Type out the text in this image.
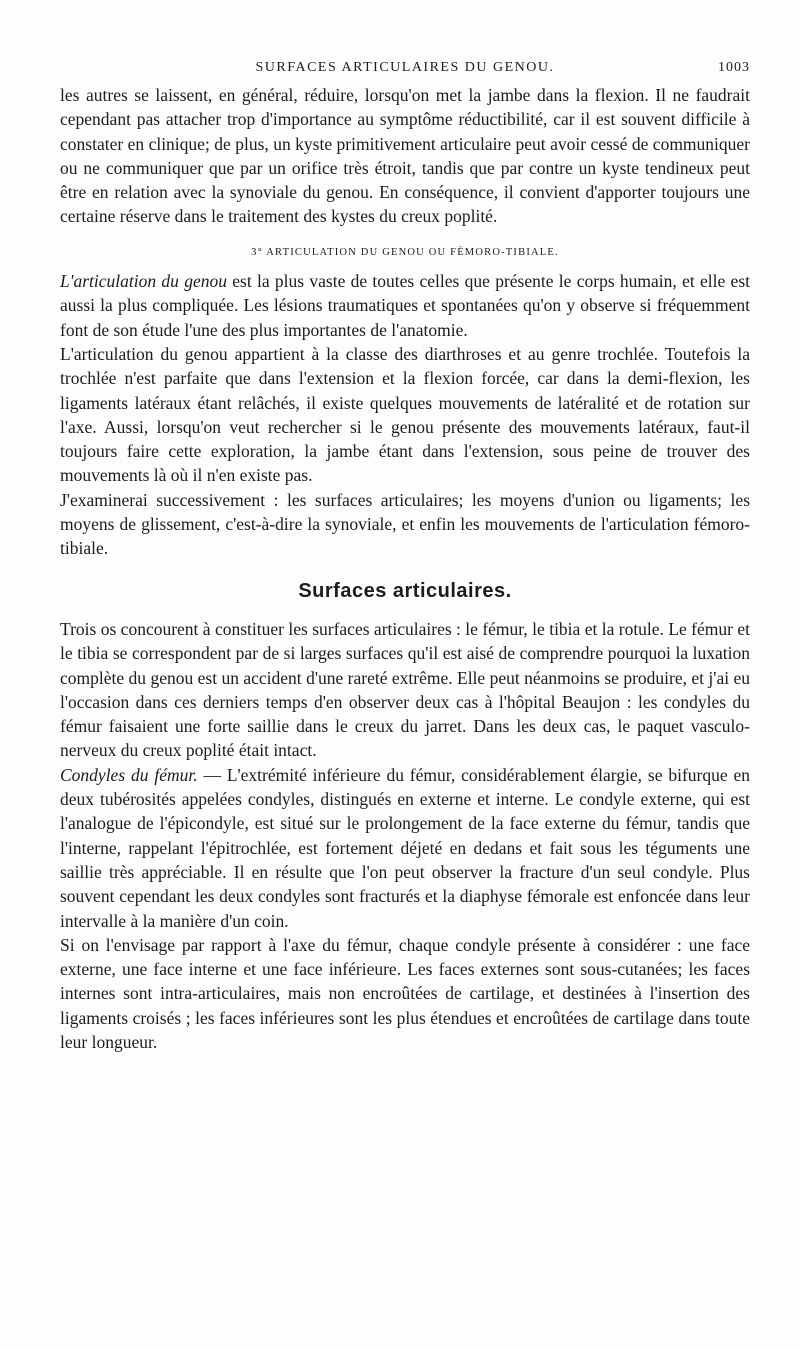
SURFACES ARTICULAIRES DU GENOU.	1003

les autres se laissent, en général, réduire, lorsqu'on met la jambe dans la flexion. Il ne faudrait cependant pas attacher trop d'importance au symptôme réductibilité, car il est souvent difficile à constater en clinique; de plus, un kyste primitivement articulaire peut avoir cessé de communiquer ou ne communiquer que par un orifice très étroit, tandis que par contre un kyste tendineux peut être en relation avec la synoviale du genou. En conséquence, il convient d'apporter toujours une certaine réserve dans le traitement des kystes du creux poplité.

3° ARTICULATION DU GENOU OU FÉMORO-TIBIALE.

L'articulation du genou est la plus vaste de toutes celles que présente le corps humain, et elle est aussi la plus compliquée. Les lésions traumatiques et spontanées qu'on y observe si fréquemment font de son étude l'une des plus importantes de l'anatomie.

L'articulation du genou appartient à la classe des diarthroses et au genre trochlée. Toutefois la trochlée n'est parfaite que dans l'extension et la flexion forcée, car dans la demi-flexion, les ligaments latéraux étant relâchés, il existe quelques mouvements de latéralité et de rotation sur l'axe. Aussi, lorsqu'on veut rechercher si le genou présente des mouvements latéraux, faut-il toujours faire cette exploration, la jambe étant dans l'extension, sous peine de trouver des mouvements là où il n'en existe pas.

J'examinerai successivement : les surfaces articulaires; les moyens d'union ou ligaments; les moyens de glissement, c'est-à-dire la synoviale, et enfin les mouvements de l'articulation fémoro-tibiale.

Surfaces articulaires.

Trois os concourent à constituer les surfaces articulaires : le fémur, le tibia et la rotule. Le fémur et le tibia se correspondent par de si larges surfaces qu'il est aisé de comprendre pourquoi la luxation complète du genou est un accident d'une rareté extrême. Elle peut néanmoins se produire, et j'ai eu l'occasion dans ces derniers temps d'en observer deux cas à l'hôpital Beaujon : les condyles du fémur faisaient une forte saillie dans le creux du jarret. Dans les deux cas, le paquet vasculo-nerveux du creux poplité était intact.

Condyles du fémur. — L'extrémité inférieure du fémur, considérablement élargie, se bifurque en deux tubérosités appelées condyles, distingués en externe et interne. Le condyle externe, qui est l'analogue de l'épicondyle, est situé sur le prolongement de la face externe du fémur, tandis que l'interne, rappelant l'épitrochlée, est fortement déjeté en dedans et fait sous les téguments une saillie très appréciable. Il en résulte que l'on peut observer la fracture d'un seul condyle. Plus souvent cependant les deux condyles sont fracturés et la diaphyse fémorale est enfoncée dans leur intervalle à la manière d'un coin.

Si on l'envisage par rapport à l'axe du fémur, chaque condyle présente à considérer : une face externe, une face interne et une face inférieure. Les faces externes sont sous-cutanées; les faces internes sont intra-articulaires, mais non encroûtées de cartilage, et destinées à l'insertion des ligaments croisés ; les faces inférieures sont les plus étendues et encroûtées de cartilage dans toute leur longueur.
